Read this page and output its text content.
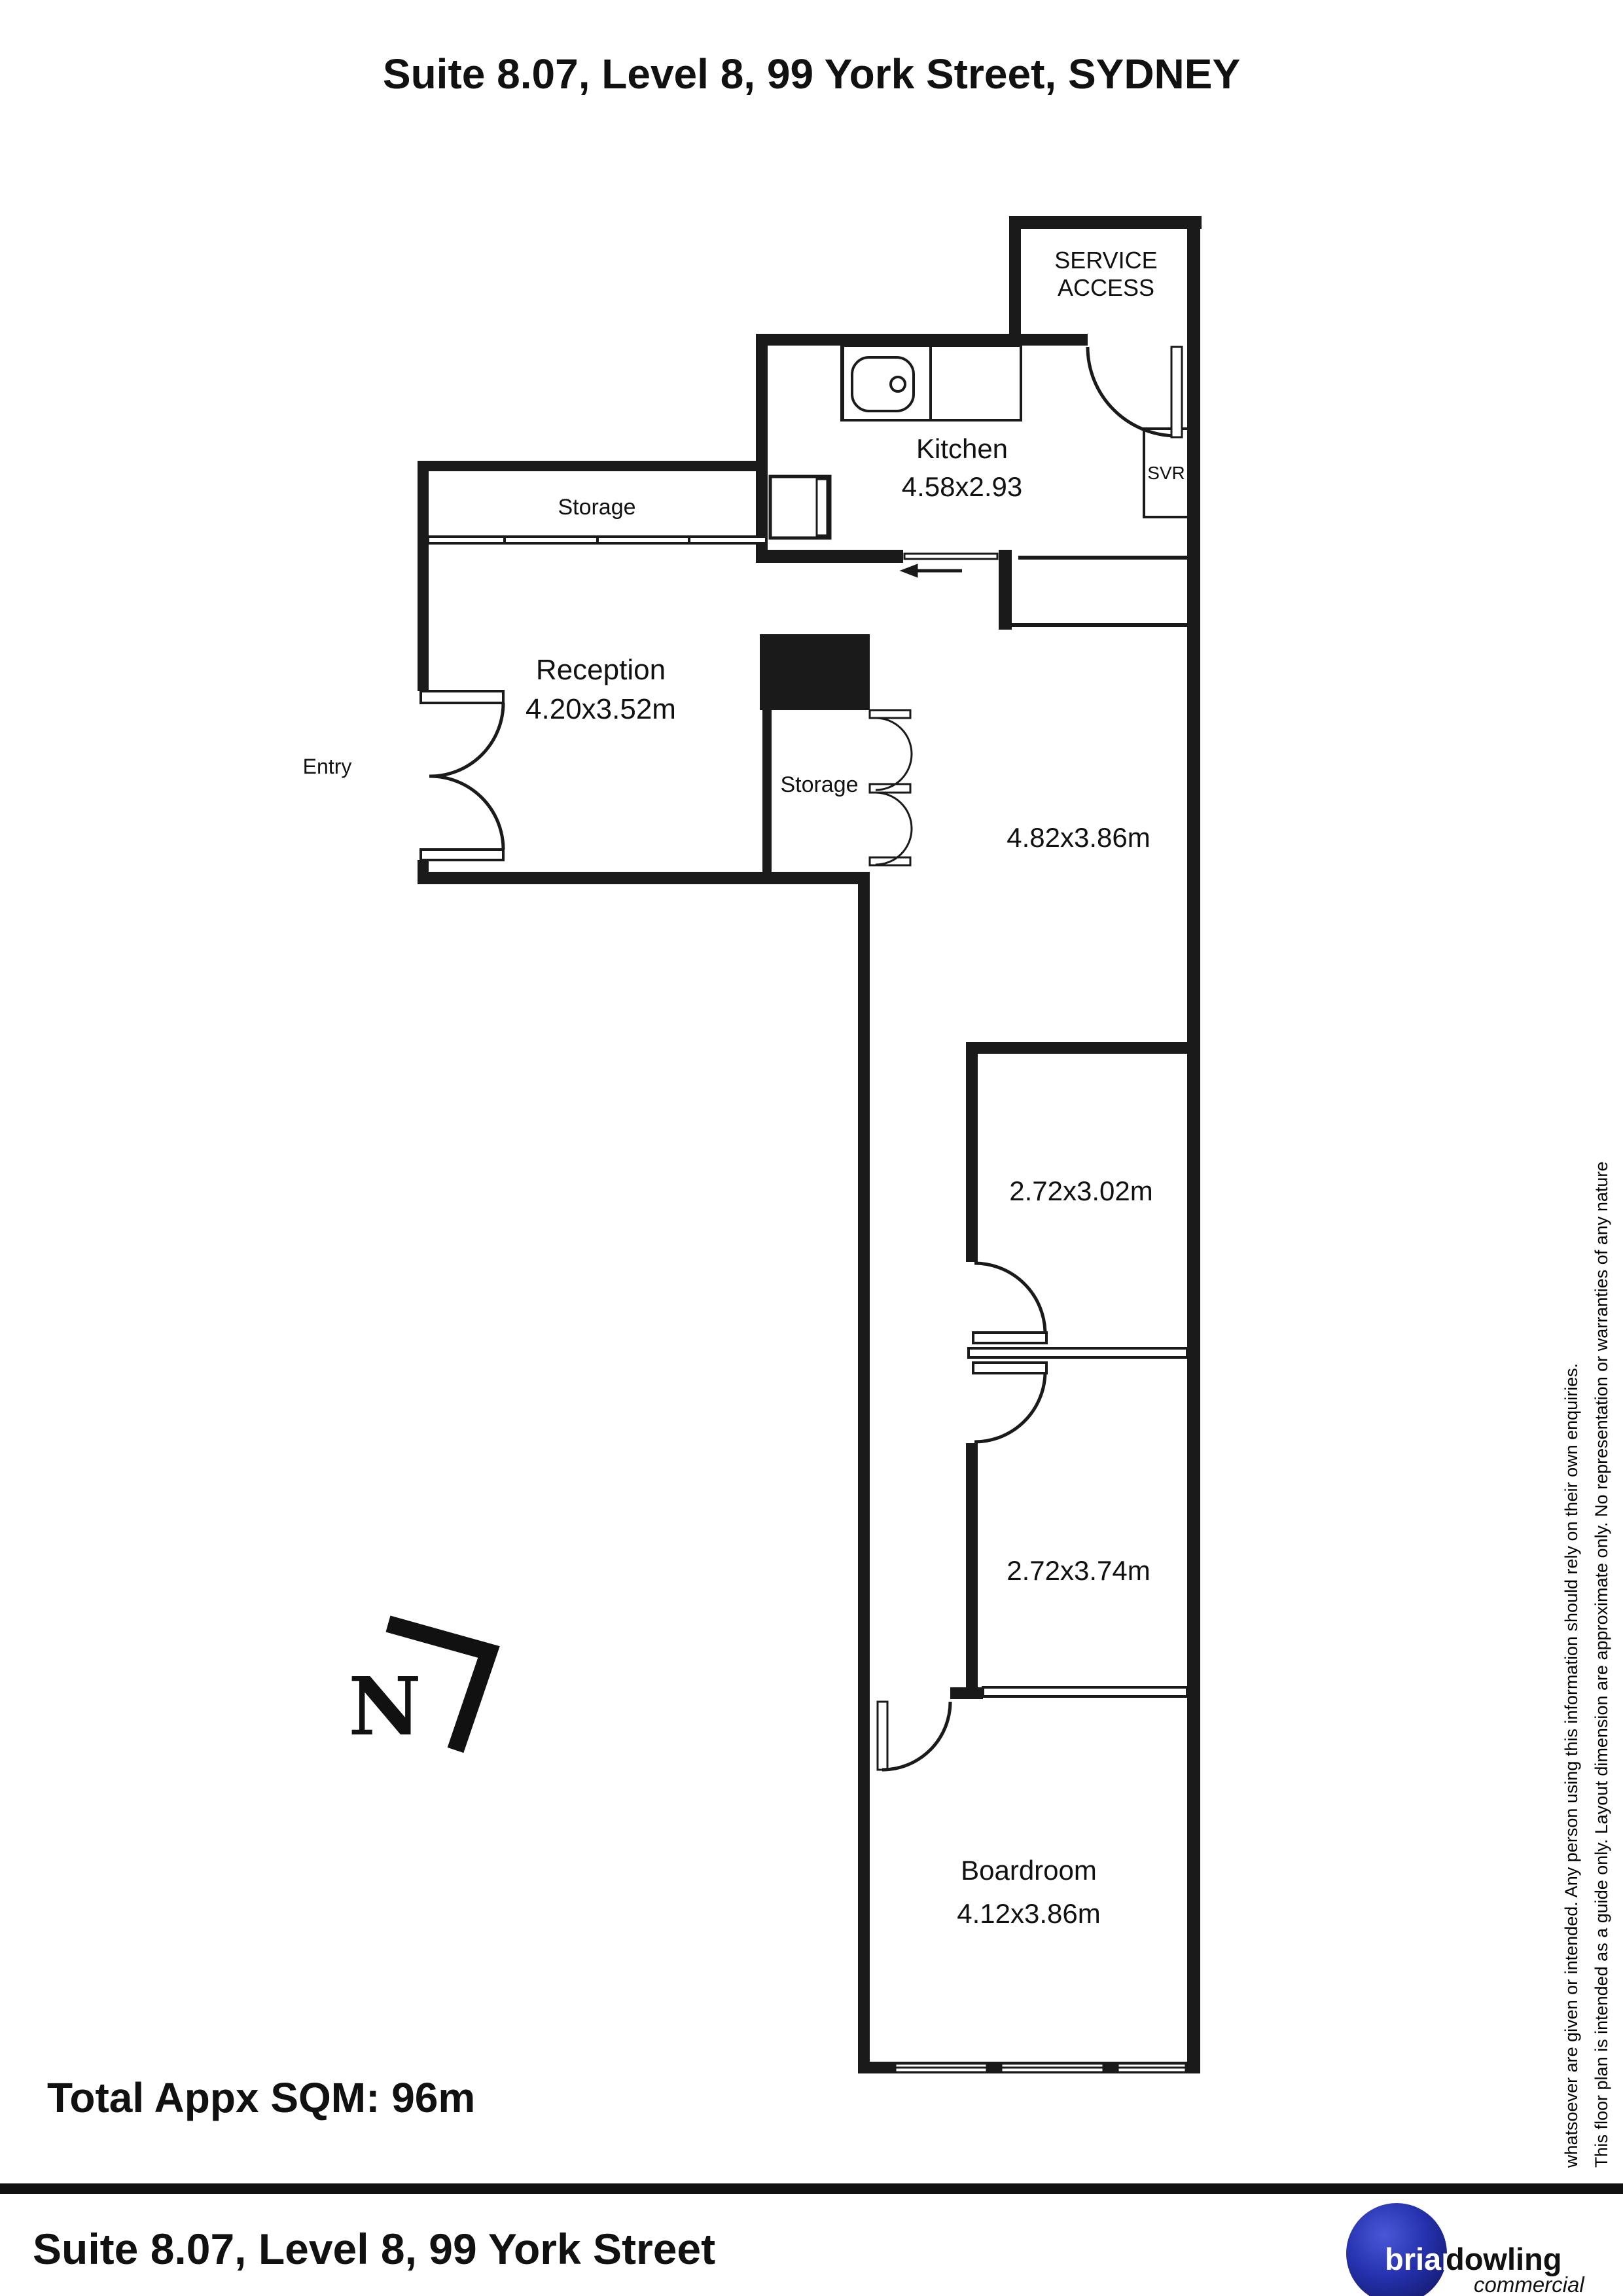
Suite 8.07, Level 8, 99 York Street, SYDNEY
N
SERVICE
ACCESS
Kitchen
4.58x2.93	SVR
Storage
Reception
4.20x3.52m
Entry
Storage
4.82x3.86m
2.72x3.02m
2.72x3.74m
Boardroom
4.12x3.86m
Total Appx SQM: 96m	This floor plan is intended as a guide only. Layout dimension are approximate only. No representation or warranties of any nature
whatsoever are given or intended. Any person using this information should rely on their own enquiries.
Suite 8.07, Level 8, 99 York Street	brian
dowling
commercial
